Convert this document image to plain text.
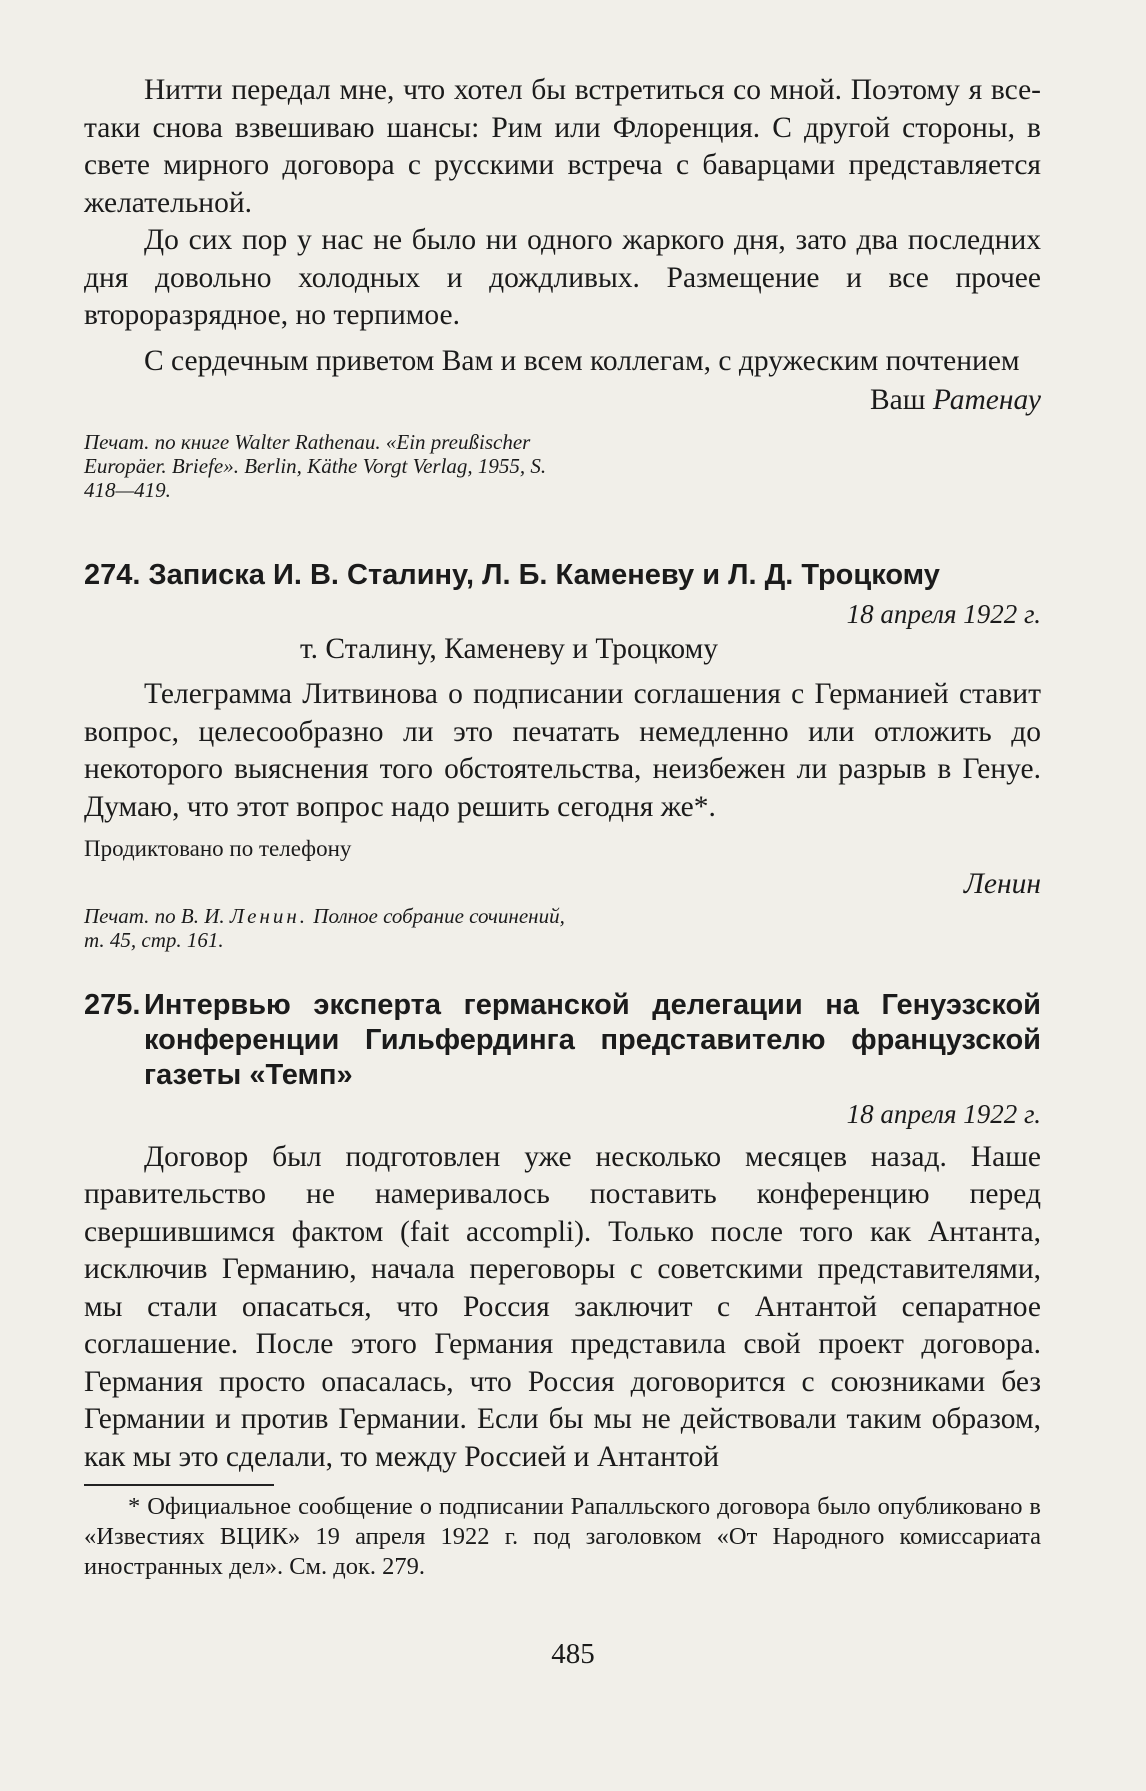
Нитти передал мне, что хотел бы встретиться со мной. Поэтому я все-таки снова взвешиваю шансы: Рим или Флоренция. С другой стороны, в свете мирного договора с русскими встреча с баварцами представляется желательной.

До сих пор у нас не было ни одного жаркого дня, зато два последних дня довольно холодных и дождливых. Размещение и все прочее второразрядное, но терпимое.

С сердечным приветом Вам и всем коллегам, с дружеским почтением

Ваш Ратенау

Печат. по книге Walter Rathenau. «Ein preußischer Europäer. Briefe». Berlin, Käthe Vorgt Verlag, 1955, S. 418—419.

274. Записка И. В. Сталину, Л. Б. Каменеву и Л. Д. Троцкому

18 апреля 1922 г.

т. Сталину, Каменеву и Троцкому

Телеграмма Литвинова о подписании соглашения с Германией ставит вопрос, целесообразно ли это печатать немедленно или отложить до некоторого выяснения того обстоятельства, неизбежен ли разрыв в Генуе. Думаю, что этот вопрос надо решить сегодня же*.

Продиктовано по телефону

Ленин

Печат. по В. И. Ленин. Полное собрание сочинений, т. 45, стр. 161.

275. Интервью эксперта германской делегации на Генуэзской конференции Гильфердинга представителю французской газеты «Темп»

18 апреля 1922 г.

Договор был подготовлен уже несколько месяцев назад. Наше правительство не намеривалось поставить конференцию перед свершившимся фактом (fait accompli). Только после того как Антанта, исключив Германию, начала переговоры с советскими представителями, мы стали опасаться, что Россия заключит с Антантой сепаратное соглашение. После этого Германия представила свой проект договора. Германия просто опасалась, что Россия договорится с союзниками без Германии и против Германии. Если бы мы не действовали таким образом, как мы это сделали, то между Россией и Антантой

* Официальное сообщение о подписании Рапалльского договора было опубликовано в «Известиях ВЦИК» 19 апреля 1922 г. под заголовком «От Народного комиссариата иностранных дел». См. док. 279.

485
